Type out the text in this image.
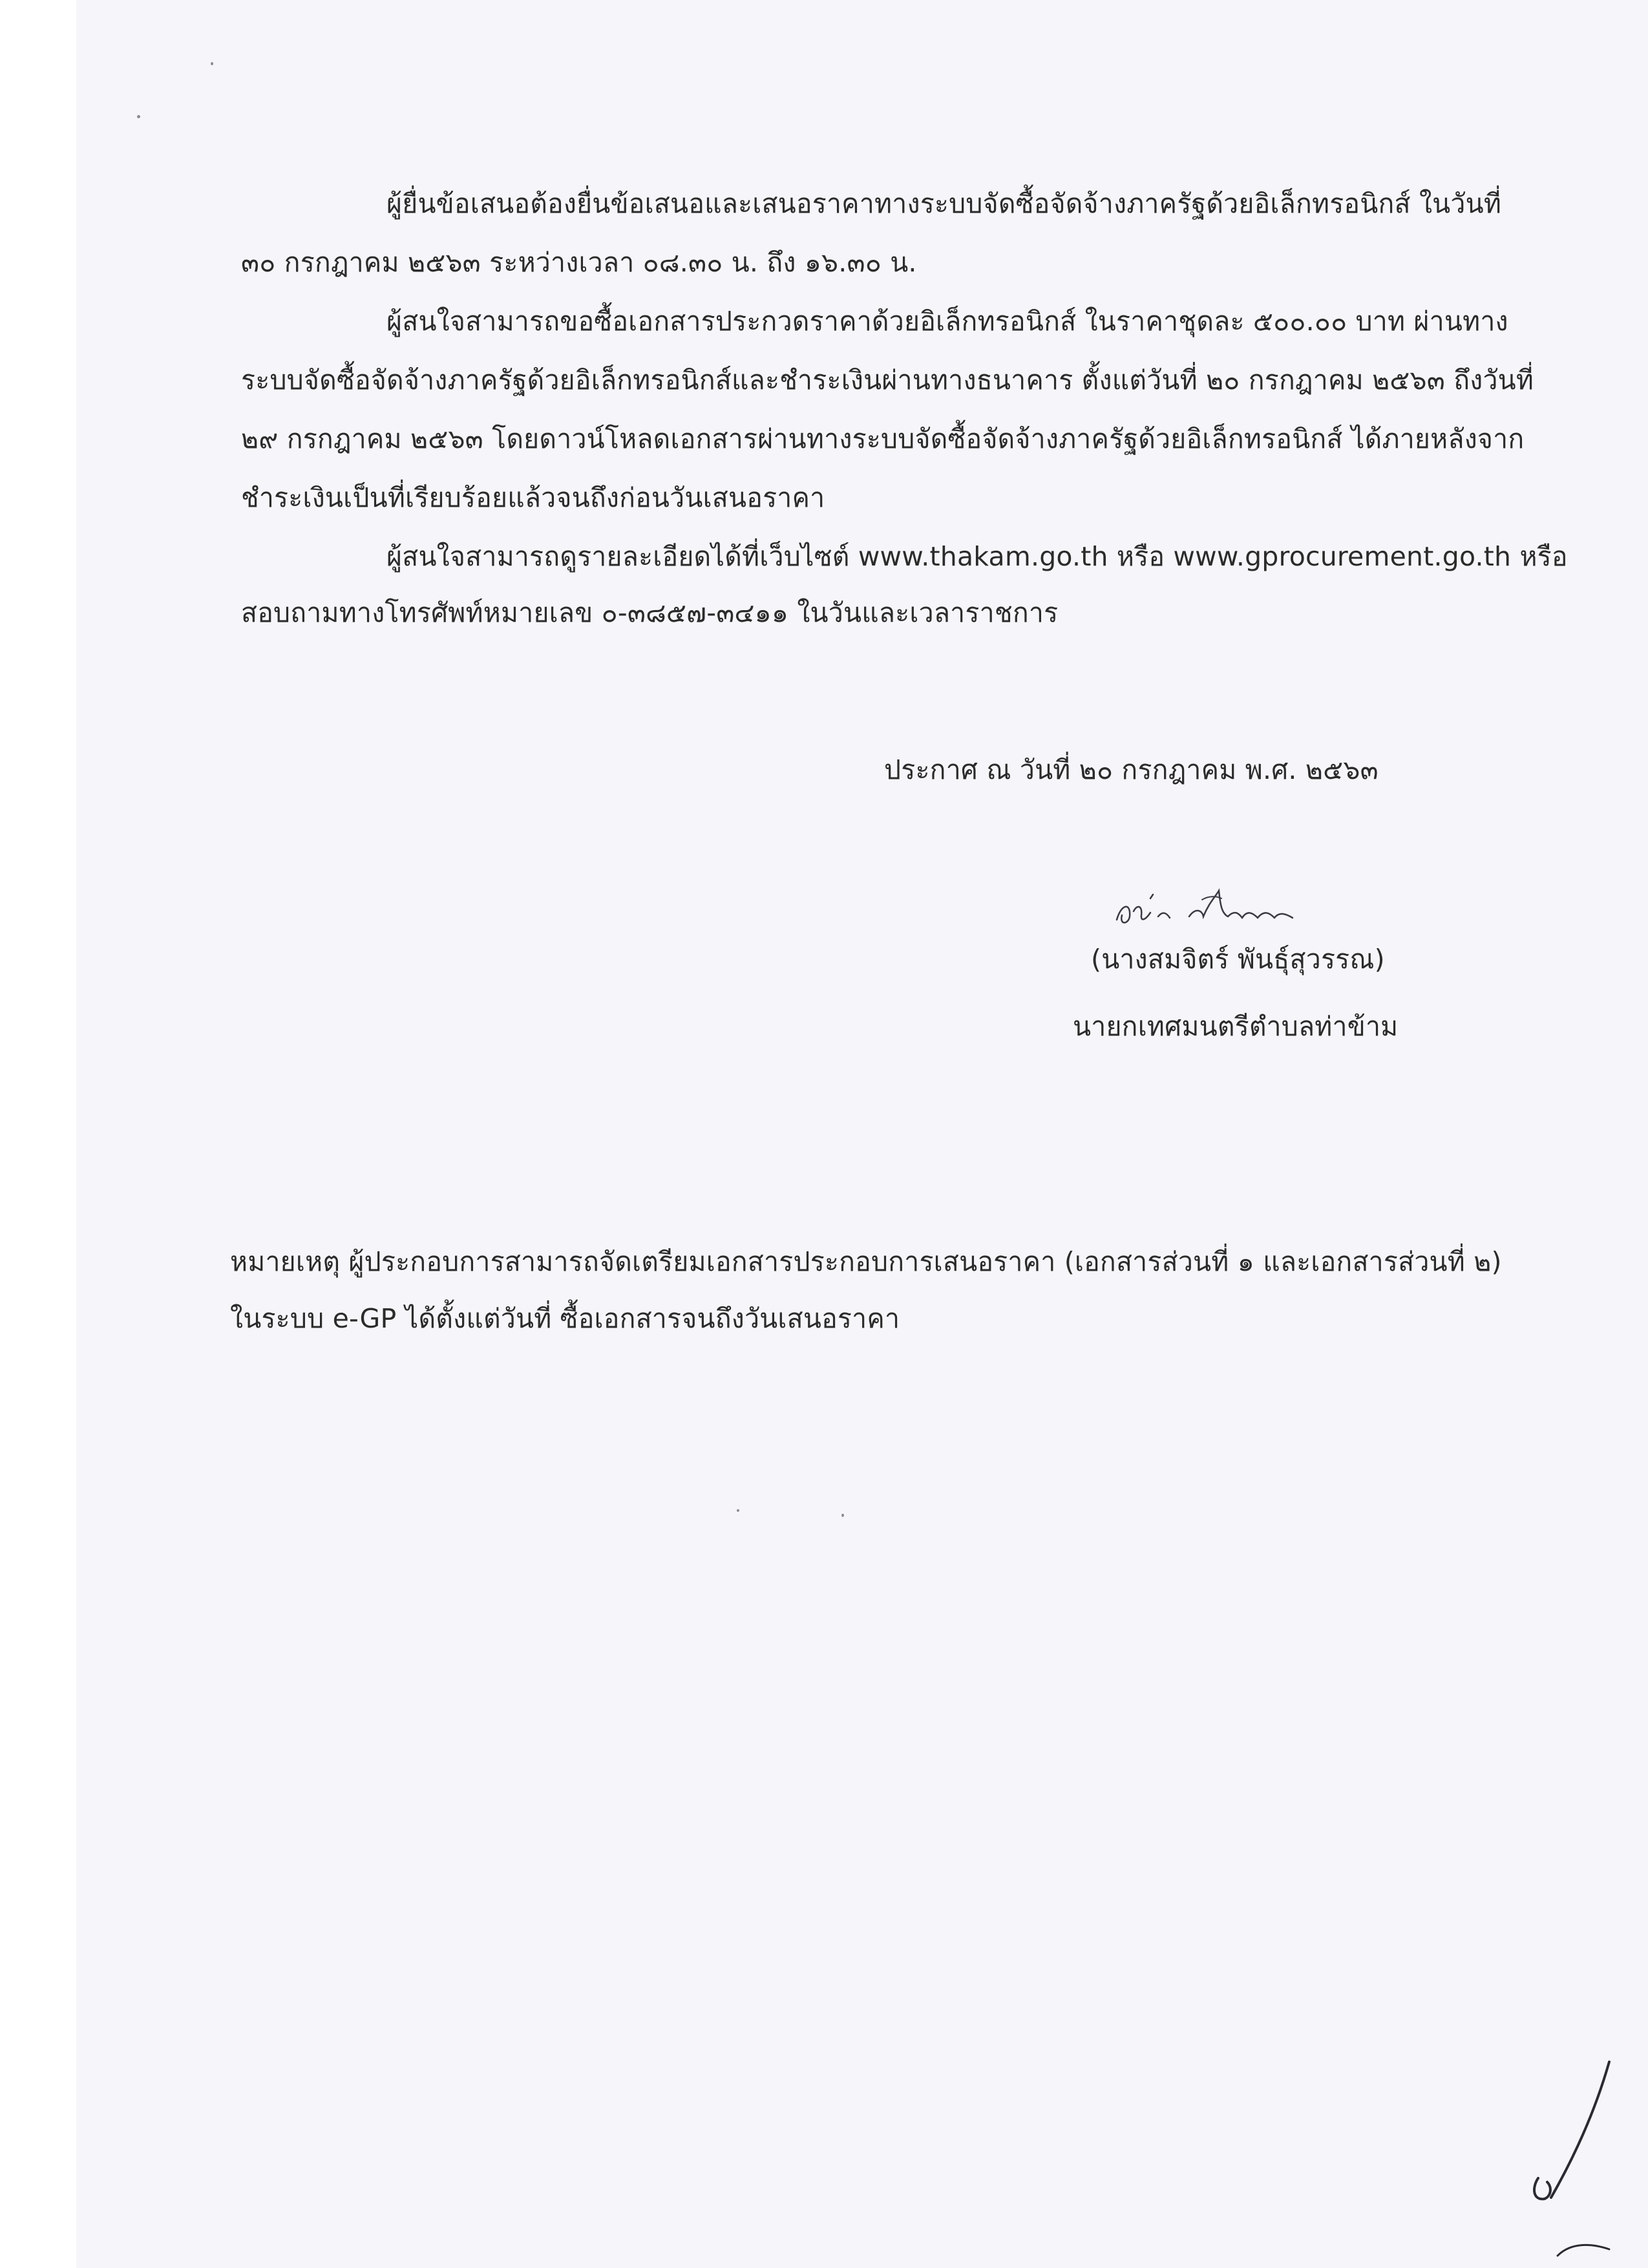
ผู้ยื่นข้อเสนอต้องยื่นข้อเสนอและเสนอราคาทางระบบจัดซื้อจัดจ้างภาครัฐด้วยอิเล็กทรอนิกส์ ในวันที่
๓๐ กรกฎาคม ๒๕๖๓ ระหว่างเวลา ๐๘.๓๐ น. ถึง ๑๖.๓๐ น.
ผู้สนใจสามารถขอซื้อเอกสารประกวดราคาด้วยอิเล็กทรอนิกส์ ในราคาชุดละ ๕๐๐.๐๐ บาท ผ่านทาง
ระบบจัดซื้อจัดจ้างภาครัฐด้วยอิเล็กทรอนิกส์และชำระเงินผ่านทางธนาคาร ตั้งแต่วันที่ ๒๐ กรกฎาคม ๒๕๖๓ ถึงวันที่
๒๙ กรกฎาคม ๒๕๖๓ โดยดาวน์โหลดเอกสารผ่านทางระบบจัดซื้อจัดจ้างภาครัฐด้วยอิเล็กทรอนิกส์ ได้ภายหลังจาก
ชำระเงินเป็นที่เรียบร้อยแล้วจนถึงก่อนวันเสนอราคา
ผู้สนใจสามารถดูรายละเอียดได้ที่เว็บไซต์ www.thakam.go.th หรือ www.gprocurement.go.th หรือ
สอบถามทางโทรศัพท์หมายเลข ๐-๓๘๕๗-๓๔๑๑ ในวันและเวลาราชการ
ประกาศ ณ วันที่ ๒๐ กรกฎาคม พ.ศ. ๒๕๖๓
(นางสมจิตร์ พันธุ์สุวรรณ)
นายกเทศมนตรีตำบลท่าข้าม
หมายเหตุ ผู้ประกอบการสามารถจัดเตรียมเอกสารประกอบการเสนอราคา (เอกสารส่วนที่ ๑ และเอกสารส่วนที่ ๒)
ในระบบ e-GP ได้ตั้งแต่วันที่ ซื้อเอกสารจนถึงวันเสนอราคา
